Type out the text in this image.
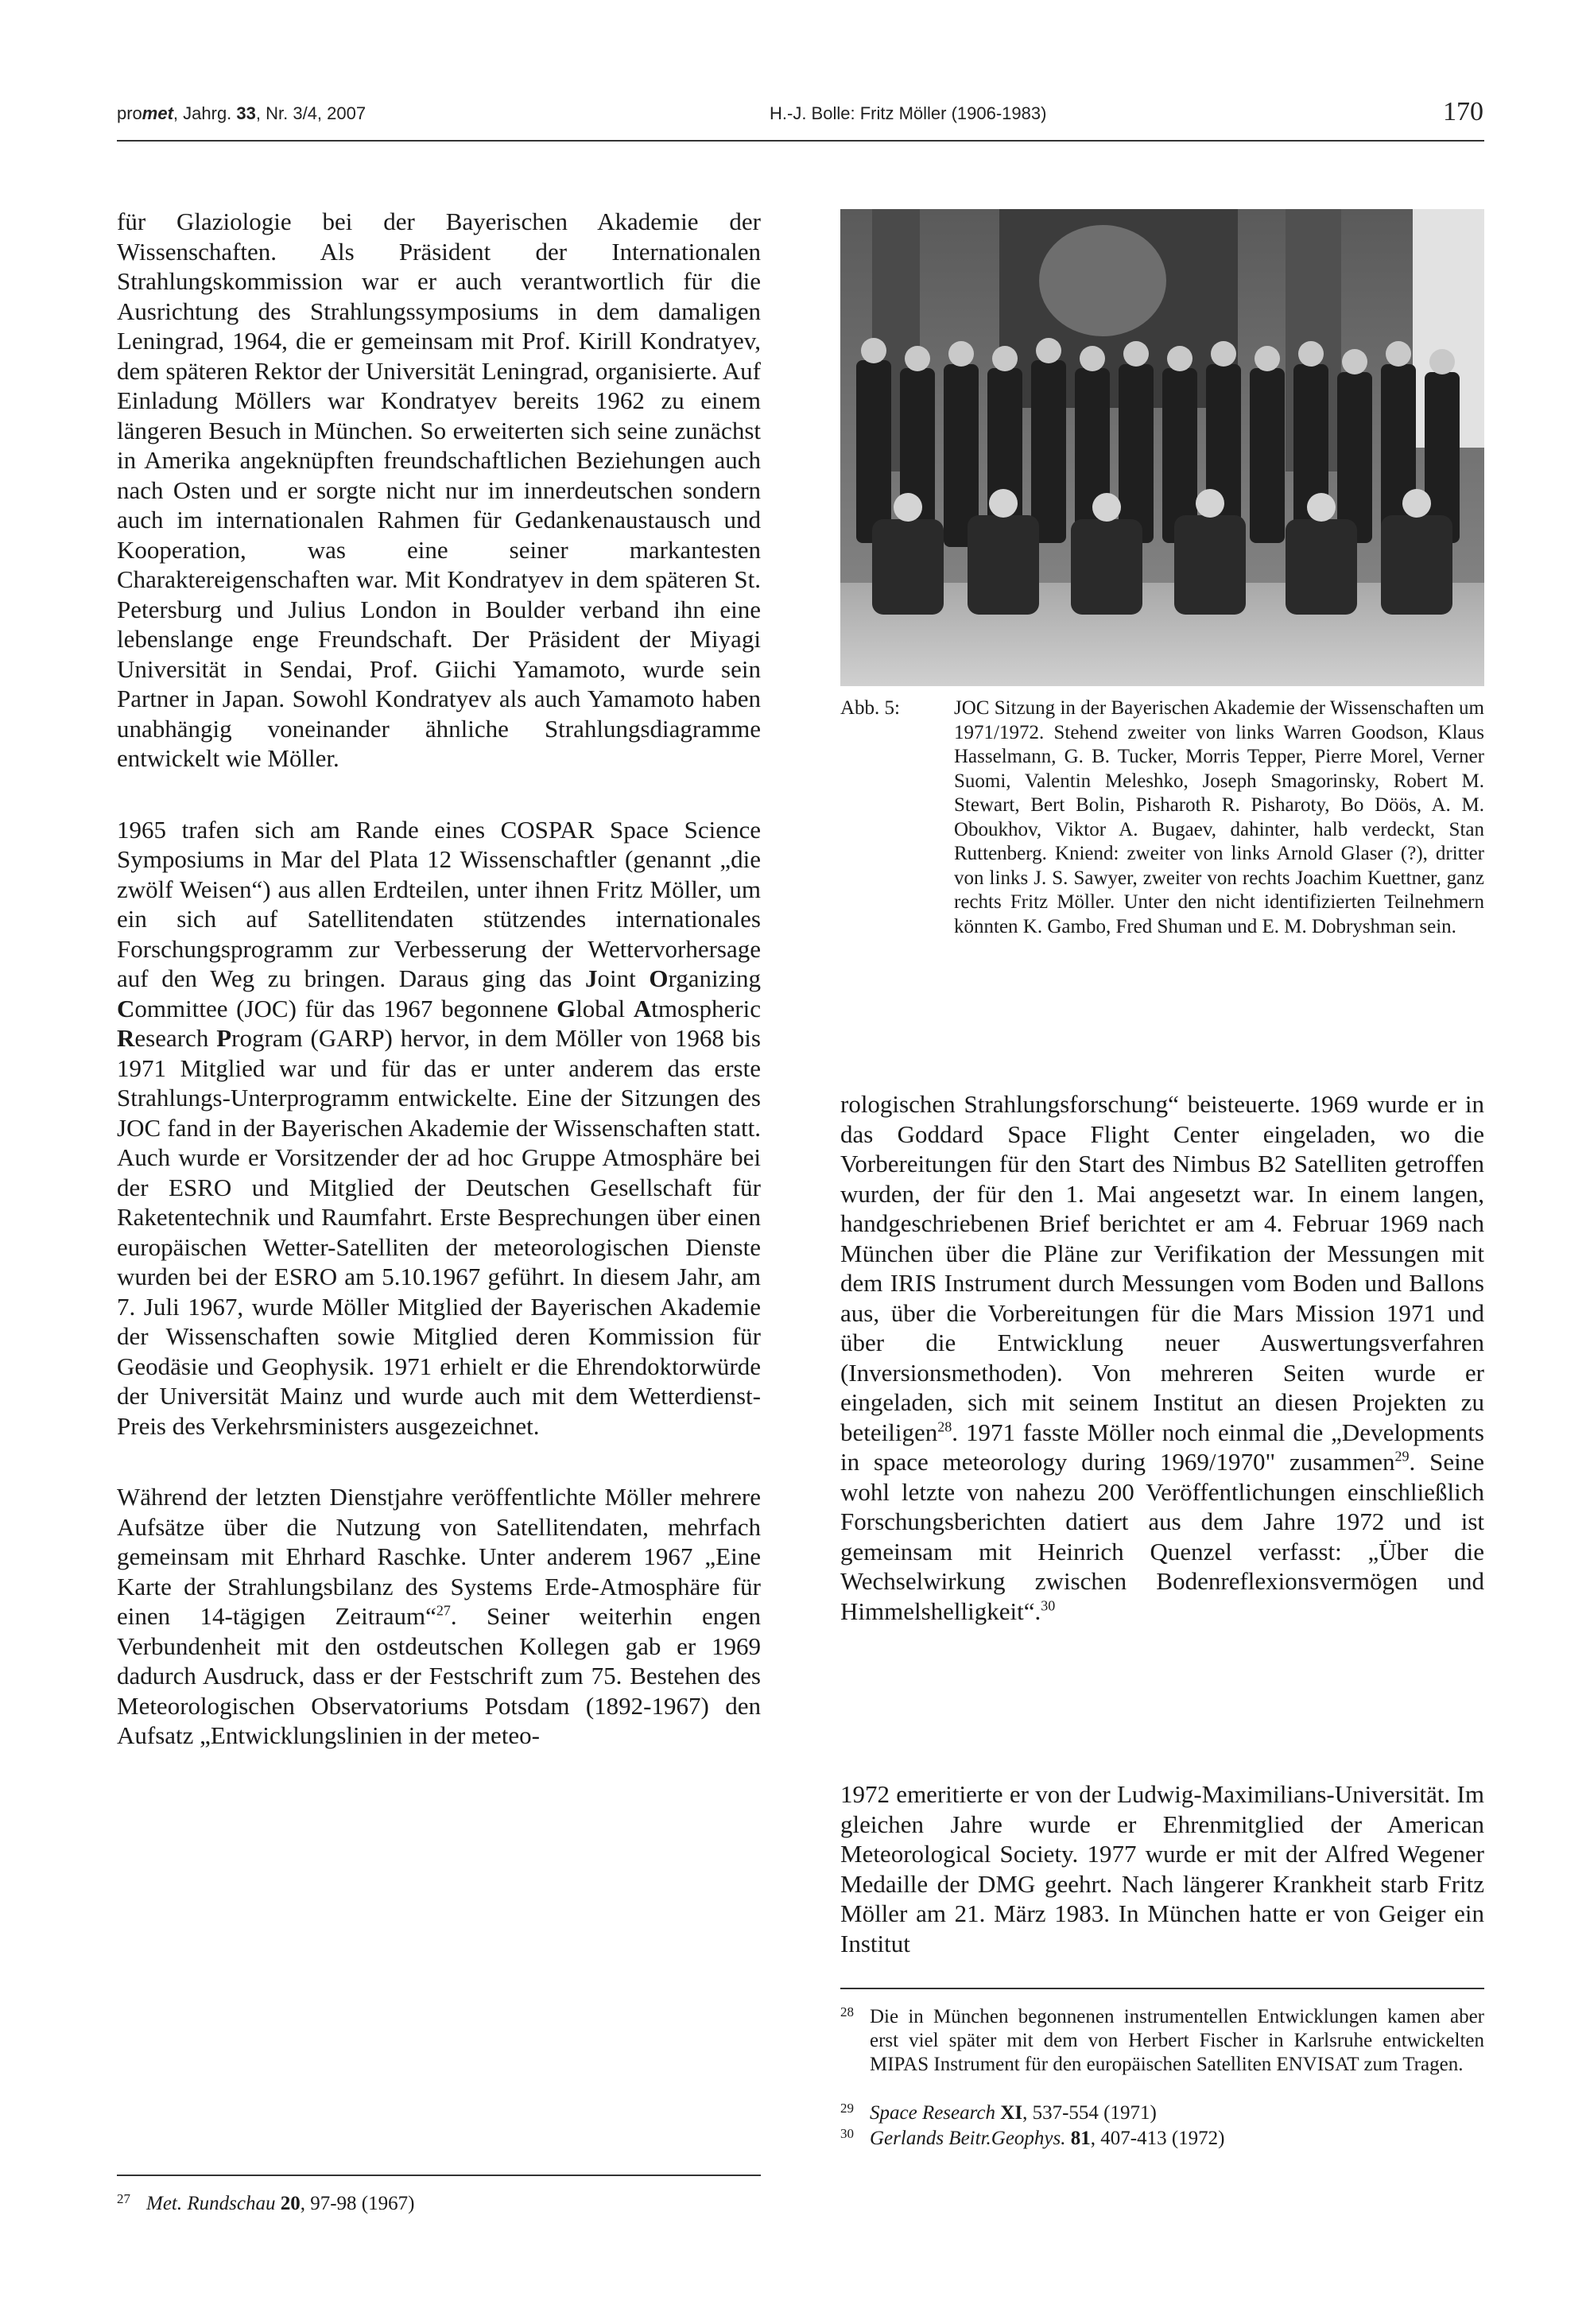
promet, Jahrg. 33, Nr. 3/4, 2007	H.-J. Bolle: Fritz Möller (1906-1983)	170

für Glaziologie bei der Bayerischen Akademie der Wissenschaften. Als Präsident der Internationalen Strahlungskommission war er auch verantwortlich für die Ausrichtung des Strahlungssymposiums in dem damaligen Leningrad, 1964, die er gemeinsam mit Prof. Kirill Kondratyev, dem späteren Rektor der Universität Leningrad, organisierte. Auf Einladung Möllers war Kondratyev bereits 1962 zu einem längeren Besuch in München. So erweiterten sich seine zunächst in Amerika angeknüpften freundschaftlichen Beziehungen auch nach Osten und er sorgte nicht nur im innerdeutschen sondern auch im internationalen Rahmen für Gedankenaustausch und Kooperation, was eine seiner markantesten Charaktereigenschaften war. Mit Kondratyev in dem späteren St. Petersburg und Julius London in Boulder verband ihn eine lebenslange enge Freundschaft. Der Präsident der Miyagi Universität in Sendai, Prof. Giichi Yamamoto, wurde sein Partner in Japan. Sowohl Kondratyev als auch Yamamoto haben unabhängig voneinander ähnliche Strahlungsdiagramme entwickelt wie Möller.

1965 trafen sich am Rande eines COSPAR Space Science Symposiums in Mar del Plata 12 Wissenschaftler (genannt „die zwölf Weisen“) aus allen Erdteilen, unter ihnen Fritz Möller, um ein sich auf Satellitendaten stützendes internationales Forschungsprogramm zur Verbesserung der Wettervorhersage auf den Weg zu bringen. Daraus ging das Joint Organizing Committee (JOC) für das 1967 begonnene Global Atmospheric Research Program (GARP) hervor, in dem Möller von 1968 bis 1971 Mitglied war und für das er unter anderem das erste Strahlungs-Unterprogramm entwickelte. Eine der Sitzungen des JOC fand in der Bayerischen Akademie der Wissenschaften statt. Auch wurde er Vorsitzender der ad hoc Gruppe Atmosphäre bei der ESRO und Mitglied der Deutschen Gesellschaft für Raketentechnik und Raumfahrt. Erste Besprechungen über einen europäischen Wetter-Satelliten der meteorologischen Dienste wurden bei der ESRO am 5.10.1967 geführt. In diesem Jahr, am 7. Juli 1967, wurde Möller Mitglied der Bayerischen Akademie der Wissenschaften sowie Mitglied deren Kommission für Geodäsie und Geophysik. 1971 erhielt er die Ehrendoktorwürde der Universität Mainz und wurde auch mit dem Wetterdienst-Preis des Verkehrsministers ausgezeichnet.

Während der letzten Dienstjahre veröffentlichte Möller mehrere Aufsätze über die Nutzung von Satellitendaten, mehrfach gemeinsam mit Ehrhard Raschke. Unter anderem 1967 „Eine Karte der Strahlungsbilanz des Systems Erde-Atmosphäre für einen 14-tägigen Zeitraum“$^{27}$. Seiner weiterhin engen Verbundenheit mit den ostdeutschen Kollegen gab er 1969 dadurch Ausdruck, dass er der Festschrift zum 75. Bestehen des Meteorologischen Observatoriums Potsdam (1892-1967) den Aufsatz „Entwicklungslinien in der meteo-

Abb. 5:	JOC Sitzung in der Bayerischen Akademie der Wissenschaften um 1971/1972. Stehend zweiter von links Warren Goodson, Klaus Hasselmann, G. B. Tucker, Morris Tepper, Pierre Morel, Verner Suomi, Valentin Meleshko, Joseph Smagorinsky, Robert M. Stewart, Bert Bolin, Pisharoth R. Pisharoty, Bo Döös, A. M. Oboukhov, Viktor A. Bugaev, dahinter, halb verdeckt, Stan Ruttenberg. Kniend: zweiter von links Arnold Glaser (?), dritter von links J. S. Sawyer, zweiter von rechts Joachim Kuettner, ganz rechts Fritz Möller. Unter den nicht identifizierten Teilnehmern könnten K. Gambo, Fred Shuman und E. M. Dobryshman sein.

rologischen Strahlungsforschung“ beisteuerte. 1969 wurde er in das Goddard Space Flight Center eingeladen, wo die Vorbereitungen für den Start des Nimbus B2 Satelliten getroffen wurden, der für den 1. Mai angesetzt war. In einem langen, handgeschriebenen Brief berichtet er am 4. Februar 1969 nach München über die Pläne zur Verifikation der Messungen mit dem IRIS Instrument durch Messungen vom Boden und Ballons aus, über die Vorbereitungen für die Mars Mission 1971 und über die Entwicklung neuer Auswertungsverfahren (Inversionsmethoden). Von mehreren Seiten wurde er eingeladen, sich mit seinem Institut an diesen Projekten zu beteiligen$^{28}$. 1971 fasste Möller noch einmal die „Developments in space meteorology during 1969/1970" zusammen$^{29}$. Seine wohl letzte von nahezu 200 Veröffentlichungen einschließlich Forschungsberichten datiert aus dem Jahre 1972 und ist gemeinsam mit Heinrich Quenzel verfasst: „Über die Wechselwirkung zwischen Bodenreflexionsvermögen und Himmelshelligkeit“.$^{30}$

1972 emeritierte er von der Ludwig-Maximilians-Universität. Im gleichen Jahre wurde er Ehrenmitglied der American Meteorological Society. 1977 wurde er mit der Alfred Wegener Medaille der DMG geehrt. Nach längerer Krankheit starb Fritz Möller am 21. März 1983. In München hatte er von Geiger ein Institut

27 Met. Rundschau 20, 97-98 (1967)
28 Die in München begonnenen instrumentellen Entwicklungen kamen aber erst viel später mit dem von Herbert Fischer in Karlsruhe entwickelten MIPAS Instrument für den europäischen Satelliten ENVISAT zum Tragen.
29 Space Research XI, 537-554 (1971)
30 Gerlands Beitr.Geophys. 81, 407-413 (1972)
